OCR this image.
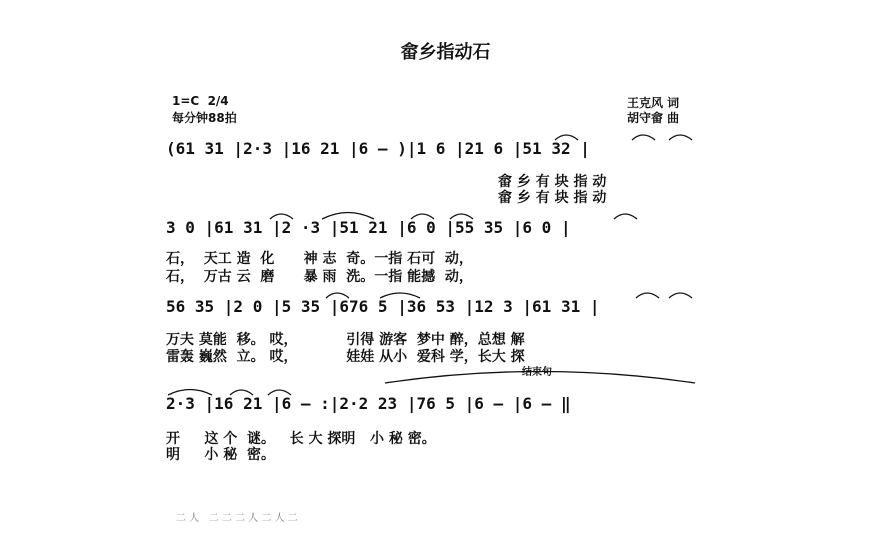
畲乡指动石
1=C  2/4
每分钟88拍
王克风 词
胡守畲 曲
(61 31 |2·3 |16 21 |6 — )|1 6 |21 6 |51 32 |
畲 乡 有 块 指 动
畲 乡 有 块 指 动
3 0 |61 31 |2 ·3 |51 21 |6 0 |55 35 |6 0 |
石，  天工 造  化      神 志  奇。一指 石可  动，
石，  万古 云  磨      暴 雨  洗。一指 能撼  动，
56 35 |2 0 |5 35 |676 5 |36 53 |12 3 |61 31 |
万夫 莫能  移。 哎，          引得 游客  梦中 醉，总想 解
雷轰 巍然  立。 哎，          娃娃 从小  爱科 学，长大 探
结束句
2·3 |16 21 |6 — :|2·2 23 |76 5 |6 — |6 — ‖
开     这 个  谜。   长 大 探明   小 秘 密。
明     小 秘  密。
二 人   二 二 二 人 二 人 二
